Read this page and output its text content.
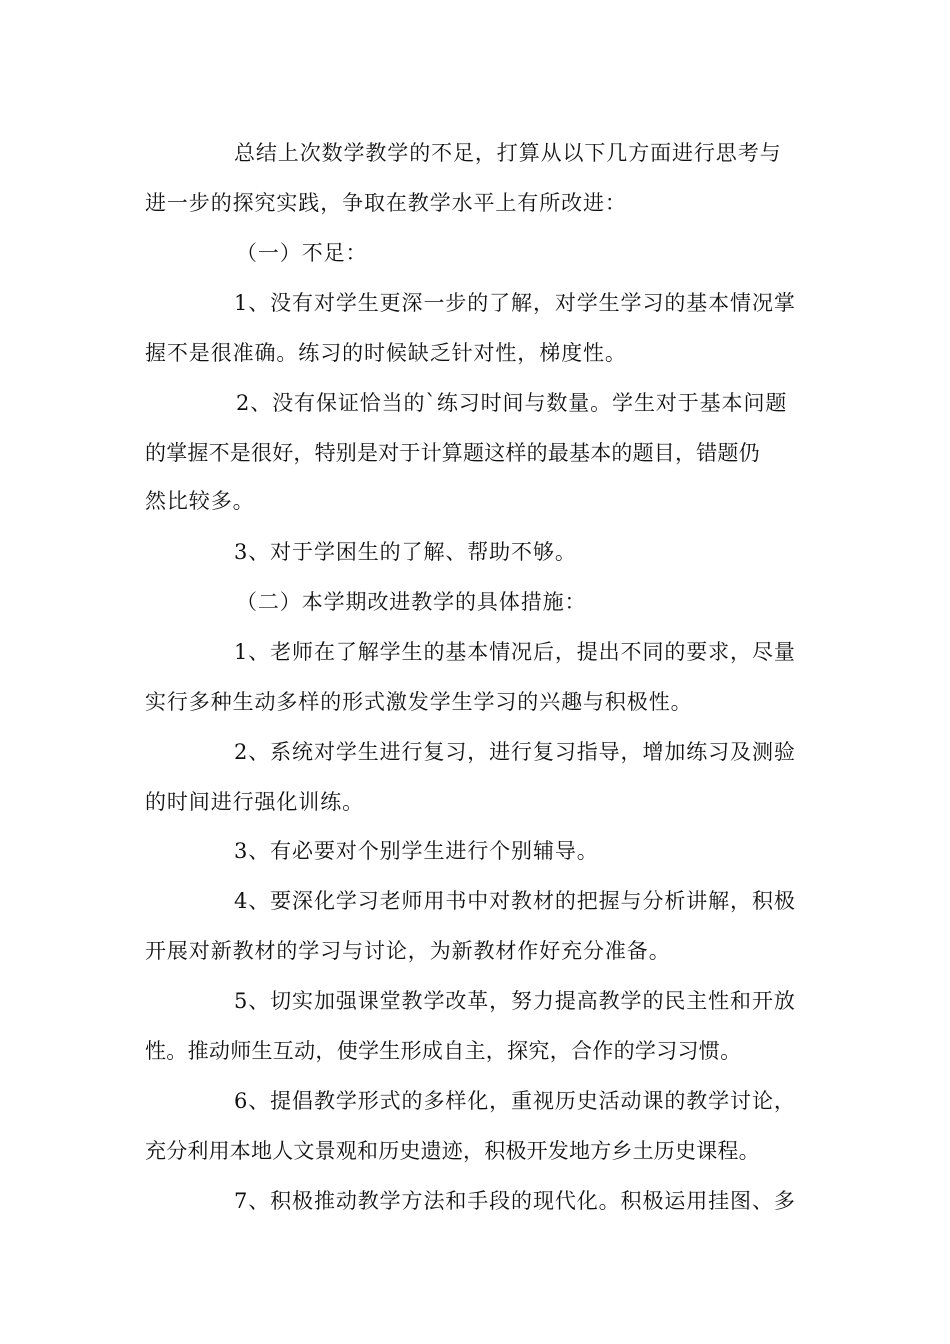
总结上次数学教学的不足，打算从以下几方面进行思考与
进一步的探究实践，争取在教学水平上有所改进：
（一）不足：
1、没有对学生更深一步的了解，对学生学习的基本情况掌
握不是很准确。练习的时候缺乏针对性，梯度性。
2、没有保证恰当的`练习时间与数量。学生对于基本问题
的掌握不是很好，特别是对于计算题这样的最基本的题目，错题仍
然比较多。
3、对于学困生的了解、帮助不够。
（二）本学期改进教学的具体措施：
1、老师在了解学生的基本情况后，提出不同的要求，尽量
实行多种生动多样的形式激发学生学习的兴趣与积极性。
2、系统对学生进行复习，进行复习指导，增加练习及测验
的时间进行强化训练。
3、有必要对个别学生进行个别辅导。
4、要深化学习老师用书中对教材的把握与分析讲解，积极
开展对新教材的学习与讨论，为新教材作好充分准备。
5、切实加强课堂教学改革，努力提高教学的民主性和开放
性。推动师生互动，使学生形成自主，探究，合作的学习习惯。
6、提倡教学形式的多样化，重视历史活动课的教学讨论，
充分利用本地人文景观和历史遗迹，积极开发地方乡土历史课程。
7、积极推动教学方法和手段的现代化。积极运用挂图、多
